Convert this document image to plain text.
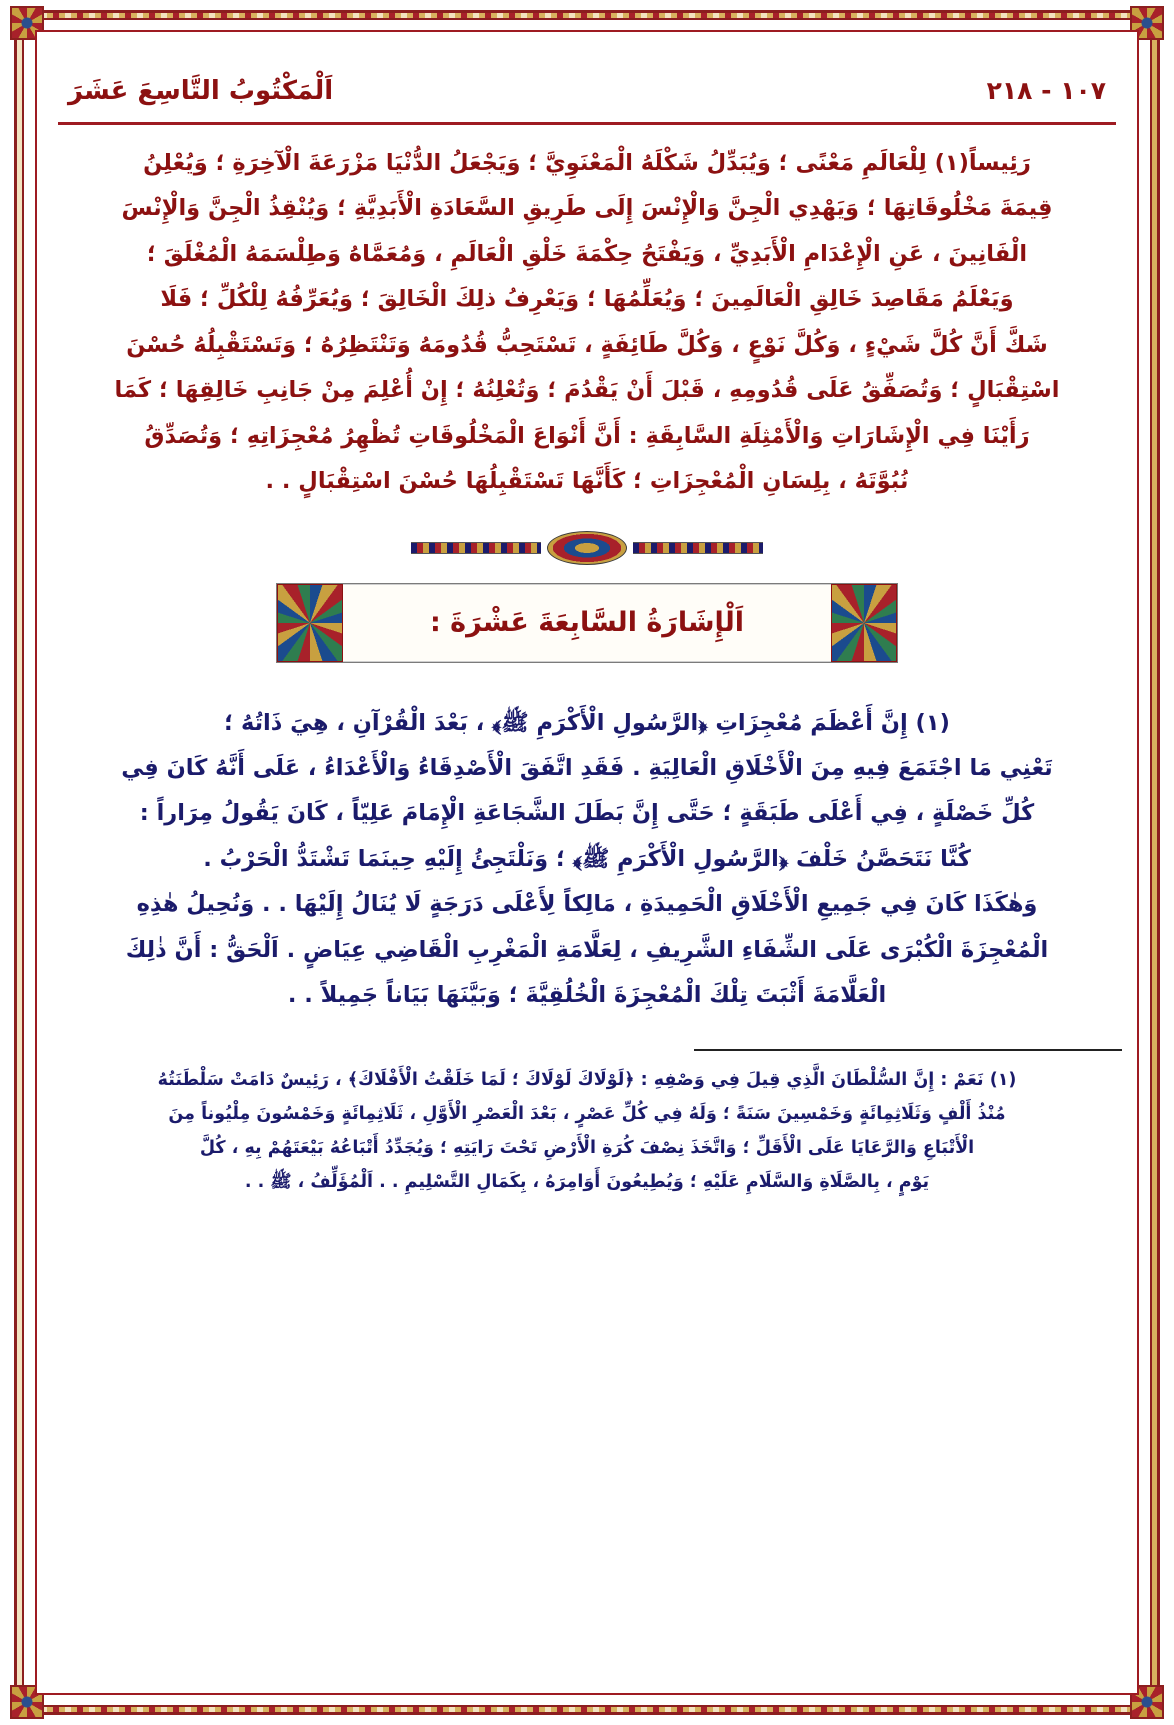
اَلْمَكْتُوبُ التَّاسِعَ عَشَرَ	١٠٧ - ٢١٨
رَئِيساً(١) لِلْعَالَمِ مَعْنًى ؛ وَيُبَدِّلُ شَكْلَهُ الْمَعْنَوِيَّ ؛ وَيَجْعَلُ الدُّنْيَا مَزْرَعَةَ الْآخِرَةِ ؛ وَيُعْلِنُ
قِيمَةَ مَخْلُوقَاتِهَا ؛ وَيَهْدِي الْجِنَّ وَالْإِنْسَ إِلَى طَرِيقِ السَّعَادَةِ الْأَبَدِيَّةِ ؛ وَيُنْقِذُ الْجِنَّ وَالْإِنْسَ
الْفَانِينَ ، عَنِ الْإِعْدَامِ الْأَبَدِيِّ ، وَيَفْتَحُ حِكْمَةَ خَلْقِ الْعَالَمِ ، وَمُعَمَّاهُ وَطِلْسَمَهُ الْمُغْلَقَ ؛
وَيَعْلَمُ مَقَاصِدَ خَالِقِ الْعَالَمِينَ ؛ وَيُعَلِّمُهَا ؛ وَيَعْرِفُ ذلِكَ الْخَالِقَ ؛ وَيُعَرِّفُهُ لِلْكُلِّ ؛ فَلَا
شَكَّ أَنَّ كُلَّ شَيْءٍ ، وَكُلَّ نَوْعٍ ، وَكُلَّ طَائِفَةٍ ، تَسْتَحِبُّ قُدُومَهُ وَتَنْتَظِرُهُ ؛ وَتَسْتَقْبِلُهُ حُسْنَ
اسْتِقْبَالٍ ؛ وَتُصَفِّقُ عَلَى قُدُومِهِ ، قَبْلَ أَنْ يَقْدُمَ ؛ وَتُعْلِنُهُ ؛ إِنْ أُعْلِمَ مِنْ جَانِبِ خَالِقِهَا ؛ كَمَا
رَأَيْنَا فِي الْإِشَارَاتِ وَالْأَمْثِلَةِ السَّابِقَةِ : أَنَّ أَنْوَاعَ الْمَخْلُوقَاتِ تُظْهِرُ مُعْجِزَاتِهِ ؛ وَتُصَدِّقُ
نُبُوَّتَهُ ، بِلِسَانِ الْمُعْجِزَاتِ ؛ كَأَنَّهَا تَسْتَقْبِلُهَا حُسْنَ اسْتِقْبَالٍ . .
اَلْإِشَارَةُ السَّابِعَةَ عَشْرَةَ :
(١) إِنَّ أَعْظَمَ مُعْجِزَاتِ ﴿الرَّسُولِ الْأَكْرَمِ ﷺ﴾ ، بَعْدَ الْقُرْآنِ ، هِيَ ذَاتُهُ ؛
تَعْنِي مَا اجْتَمَعَ فِيهِ مِنَ الْأَخْلَاقِ الْعَالِيَةِ . فَقَدِ اتَّفَقَ الْأَصْدِقَاءُ وَالْأَعْدَاءُ ، عَلَى أَنَّهُ كَانَ فِي
كُلِّ خَصْلَةٍ ، فِي أَعْلَى طَبَقَةٍ ؛ حَتَّى إِنَّ بَطَلَ الشَّجَاعَةِ الْإِمَامَ عَلِيّاً ، كَانَ يَقُولُ مِرَاراً :
كُنَّا نَتَحَصَّنُ خَلْفَ ﴿الرَّسُولِ الْأَكْرَمِ ﷺ﴾ ؛ وَنَلْتَجِئُ إِلَيْهِ حِينَمَا تَشْتَدُّ الْحَرْبُ .
وَهٰكَذَا كَانَ فِي جَمِيعِ الْأَخْلَاقِ الْحَمِيدَةِ ، مَالِكاً لِأَعْلَى دَرَجَةٍ لَا يُنَالُ إِلَيْهَا . . وَنُحِيلُ هٰذِهِ
الْمُعْجِزَةَ الْكُبْرَى عَلَى الشِّفَاءِ الشَّرِيفِ ، لِعَلَّامَةِ الْمَغْرِبِ الْقَاضِي عِيَاضٍ . اَلْحَقُّ : أَنَّ ذٰلِكَ
الْعَلَّامَةَ أَثْبَتَ تِلْكَ الْمُعْجِزَةَ الْخُلُقِيَّةَ ؛ وَبَيَّنَهَا بَيَاناً جَمِيلاً . .
(١) نَعَمْ : إِنَّ السُّلْطَانَ الَّذِي قِيلَ فِي وَصْفِهِ : ﴿لَوْلَاكَ لَوْلَاكَ ؛ لَمَا خَلَقْتُ الْأَفْلَاكَ﴾ ، رَئِيسٌ دَامَتْ سَلْطَنَتُهُ
مُنْذُ أَلْفٍ وَثَلَاثِمِائَةٍ وَخَمْسِينَ سَنَةً ؛ وَلَهُ فِي كُلِّ عَصْرٍ ، بَعْدَ الْعَصْرِ الْأَوَّلِ ، ثَلَاثِمِائَةٍ وَخَمْسُونَ مِلْيُوناً مِنَ
الْأَتْبَاعِ وَالرَّعَايَا عَلَى الْأَقَلِّ ؛ وَاتَّخَذَ نِصْفَ كُرَةِ الْأَرْضِ تَحْتَ رَايَتِهِ ؛ وَيُجَدِّدُ أَتْبَاعُهُ بَيْعَتَهُمْ بِهِ ، كُلَّ
يَوْمٍ ، بِالصَّلَاةِ وَالسَّلَامِ عَلَيْهِ ؛ وَيُطِيعُونَ أَوَامِرَهُ ، بِكَمَالِ التَّسْلِيمِ . . اَلْمُؤَلِّفُ ، ﷺ . .
